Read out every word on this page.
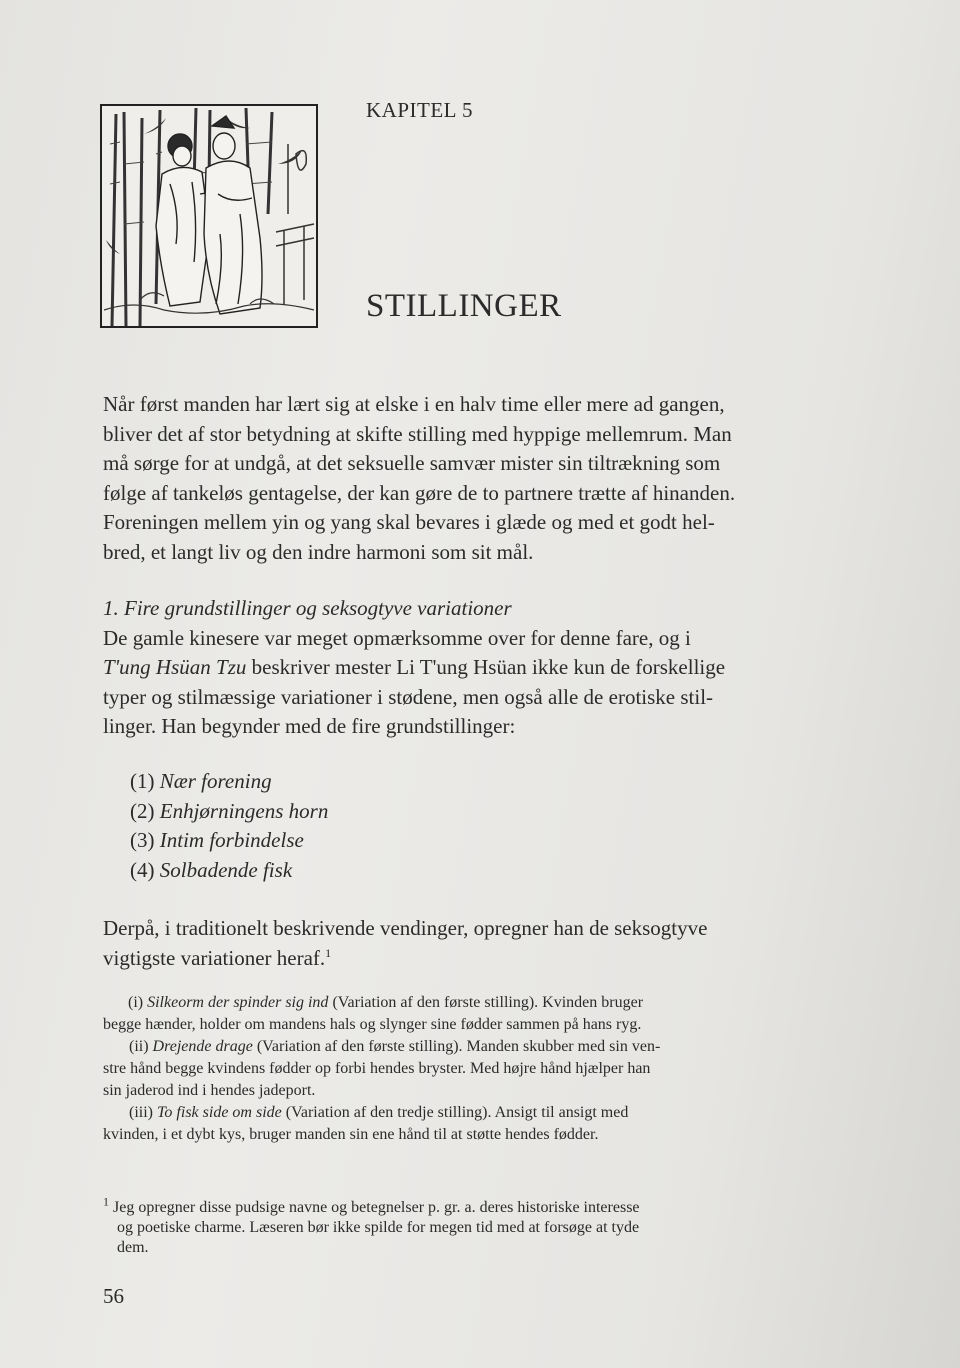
KAPITEL 5
STILLINGER

Når først manden har lært sig at elske i en halv time eller mere ad gangen,

bliver det af stor betydning at skifte stilling med hyppige mellemrum. Man

må sørge for at undgå, at det seksuelle samvær mister sin tiltrækning som

følge af tankeløs gentagelse, der kan gøre de to partnere trætte af hinanden.

Foreningen mellem yin og yang skal bevares i glæde og med et godt hel-

bred, et langt liv og den indre harmoni som sit mål.

1. Fire grundstillinger og seksogtyve variationer

De gamle kinesere var meget opmærksomme over for denne fare, og i

T'ung Hsüan Tzu beskriver mester Li T'ung Hsüan ikke kun de forskellige

typer og stilmæssige variationer i stødene, men også alle de erotiske stil-

linger. Han begynder med de fire grundstillinger:

(1) Nær forening
(2) Enhjørningens horn
(3) Intim forbindelse
(4) Solbadende fisk

Derpå, i traditionelt beskrivende vendinger, opregner han de seksogtyve

vigtigste variationer heraf.$^1$

(i) Silkeorm der spinder sig ind (Variation af den første stilling). Kvinden bruger

begge hænder, holder om mandens hals og slynger sine fødder sammen på hans ryg.

(ii) Drejende drage (Variation af den første stilling). Manden skubber med sin ven-

stre hånd begge kvindens fødder op forbi hendes bryster. Med højre hånd hjælper han

sin jaderod ind i hendes jadeport.

(iii) To fisk side om side (Variation af den tredje stilling). Ansigt til ansigt med

kvinden, i et dybt kys, bruger manden sin ene hånd til at støtte hendes fødder.

$^1$ Jeg opregner disse pudsige navne og betegnelser p. gr. a. deres historiske interesse

og poetiske charme. Læseren bør ikke spilde for megen tid med at forsøge at tyde

dem.

56
